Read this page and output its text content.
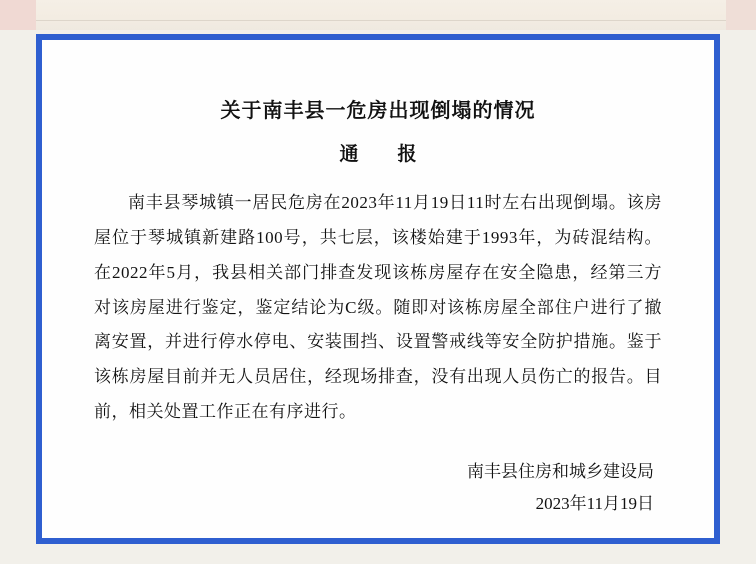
关于南丰县一危房出现倒塌的情况
通　报
南丰县琴城镇一居民危房在2023年11月19日11时左右出现倒塌。该房屋位于琴城镇新建路100号，共七层，该楼始建于1993年，为砖混结构。在2022年5月，我县相关部门排查发现该栋房屋存在安全隐患，经第三方对该房屋进行鉴定，鉴定结论为C级。随即对该栋房屋全部住户进行了撤离安置，并进行停水停电、安装围挡、设置警戒线等安全防护措施。鉴于该栋房屋目前并无人员居住，经现场排查，没有出现人员伤亡的报告。目前，相关处置工作正在有序进行。
南丰县住房和城乡建设局
2023年11月19日
